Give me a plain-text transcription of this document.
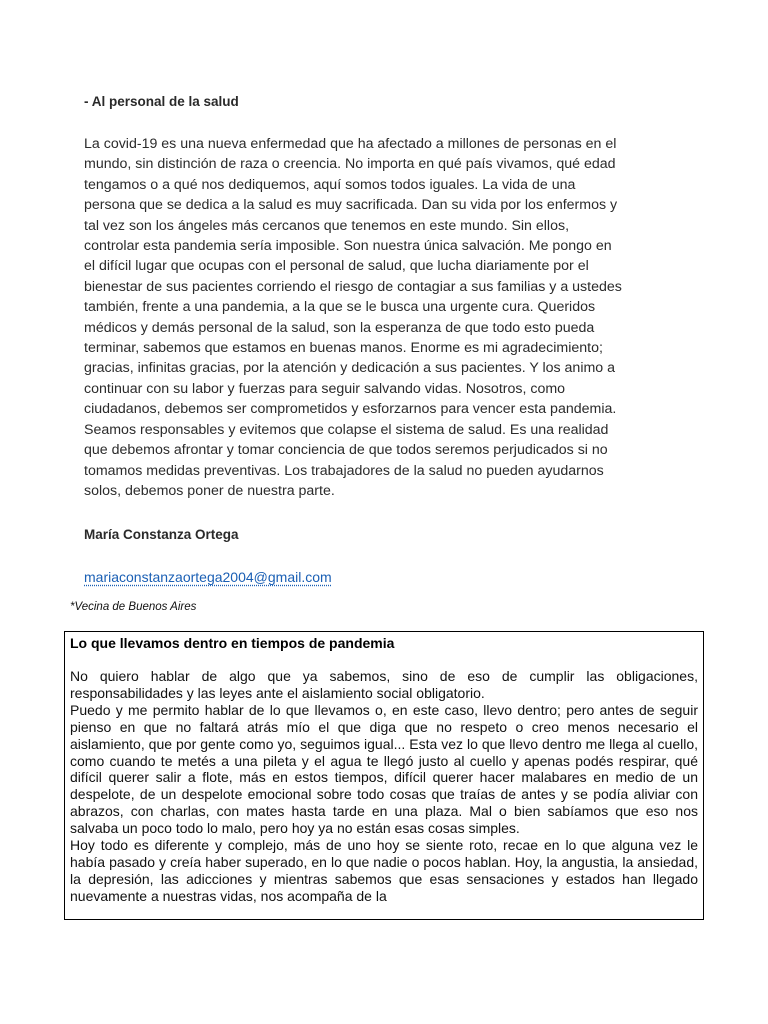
- Al personal de la salud

La covid-19 es una nueva enfermedad que ha afectado a millones de personas en el mundo, sin distinción de raza o creencia. No importa en qué país vivamos, qué edad tengamos o a qué nos dediquemos, aquí somos todos iguales. La vida de una persona que se dedica a la salud es muy sacrificada. Dan su vida por los enfermos y tal vez son los ángeles más cercanos que tenemos en este mundo. Sin ellos, controlar esta pandemia sería imposible. Son nuestra única salvación. Me pongo en el difícil lugar que ocupas con el personal de salud, que lucha diariamente por el bienestar de sus pacientes corriendo el riesgo de contagiar a sus familias y a ustedes también, frente a una pandemia, a la que se le busca una urgente cura. Queridos médicos y demás personal de la salud, son la esperanza de que todo esto pueda terminar, sabemos que estamos en buenas manos. Enorme es mi agradecimiento; gracias, infinitas gracias, por la atención y dedicación a sus pacientes. Y los animo a continuar con su labor y fuerzas para seguir salvando vidas. Nosotros, como ciudadanos, debemos ser comprometidos y esforzarnos para vencer esta pandemia. Seamos responsables y evitemos que colapse el sistema de salud. Es una realidad que debemos afrontar y tomar conciencia de que todos seremos perjudicados si no tomamos medidas preventivas. Los trabajadores de la salud no pueden ayudarnos solos, debemos poner de nuestra parte.

María Constanza Ortega
mariaconstanzaortega2004@gmail.com
*Vecina de Buenos Aires
Lo que llevamos dentro en tiempos de pandemia

No quiero hablar de algo que ya sabemos, sino de eso de cumplir las obligaciones, responsabilidades y las leyes ante el aislamiento social obligatorio.

Puedo y me permito hablar de lo que llevamos o, en este caso, llevo dentro; pero antes de seguir pienso en que no faltará atrás mío el que diga que no respeto o creo menos necesario el aislamiento, que por gente como yo, seguimos igual... Esta vez lo que llevo dentro me llega al cuello, como cuando te metés a una pileta y el agua te llegó justo al cuello y apenas podés respirar, qué difícil querer salir a flote, más en estos tiempos, difícil querer hacer malabares en medio de un despelote, de un despelote emocional sobre todo cosas que traías de antes y se podía aliviar con abrazos, con charlas, con mates hasta tarde en una plaza. Mal o bien sabíamos que eso nos salvaba un poco todo lo malo, pero hoy ya no están esas cosas simples.

Hoy todo es diferente y complejo, más de uno hoy se siente roto, recae en lo que alguna vez le había pasado y creía haber superado, en lo que nadie o pocos hablan. Hoy, la angustia, la ansiedad, la depresión, las adicciones y mientras sabemos que esas sensaciones y estados han llegado nuevamente a nuestras vidas, nos acompaña de la
